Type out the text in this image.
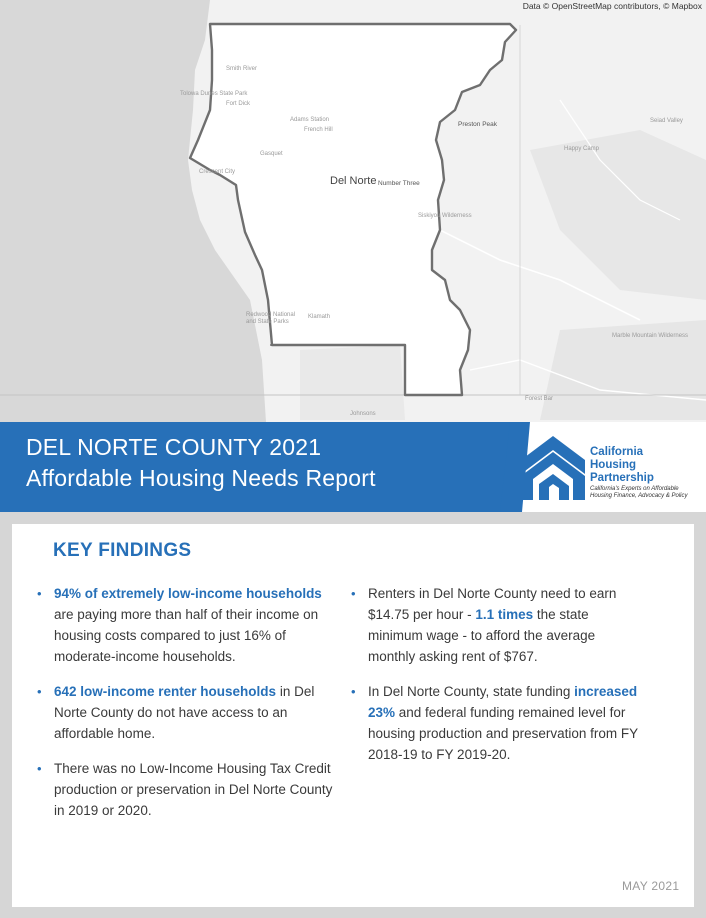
Data © OpenStreetMap contributors, © Mapbox
Smith River
Tolowa Dunes State Park
Fort Dick
Adams Station
French Hill
Gasquet
Crescent City
Preston Peak
Del Norte Number Three
Siskiyou Wilderness
Happy Camp
Seiad Valley
Redwood National and State Parks
Klamath
Marble Mountain Wilderness
Johnsons
Forest Bar
DEL NORTE COUNTY 2021
Affordable Housing Needs Report
California
Housing
Partnership
California's Experts on Affordable
Housing Finance, Advocacy & Policy
KEY FINDINGS
• 94% of extremely low-income households are paying more than half of their income on housing costs compared to just 16% of moderate-income households.
• 642 low-income renter households in Del Norte County do not have access to an affordable home.
• There was no Low-Income Housing Tax Credit production or preservation in Del Norte County in 2019 or 2020.
• Renters in Del Norte County need to earn $14.75 per hour - 1.1 times the state minimum wage - to afford the average monthly asking rent of $767.
• In Del Norte County, state funding increased 23% and federal funding remained level for housing production and preservation from FY 2018-19 to FY 2019-20.
MAY 2021
